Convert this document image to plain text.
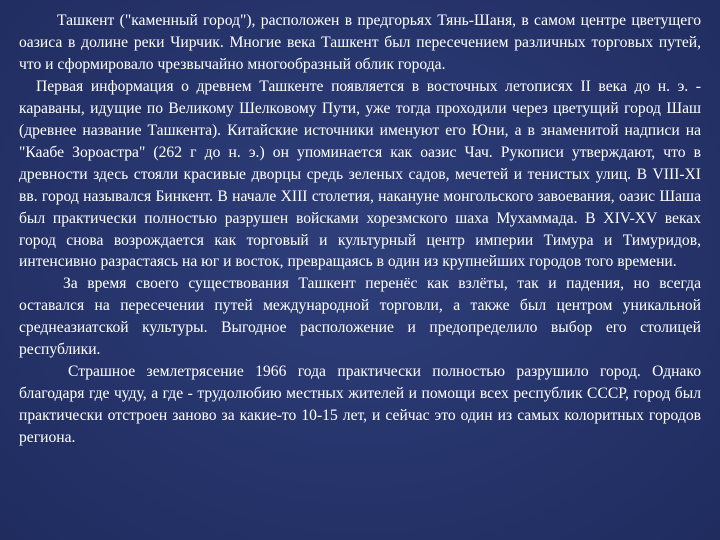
Ташкент ("каменный город"), расположен в предгорьях Тянь-Шаня, в самом центре цветущего оазиса в долине реки Чирчик. Многие века Ташкент был пересечением различных торговых путей, что и сформировало чрезвычайно многообразный облик города.

Первая информация о древнем Ташкенте появляется в восточных летописях II века до н. э. - караваны, идущие по Великому Шелковому Пути, уже тогда проходили через цветущий город Шаш (древнее название Ташкента). Китайские источники именуют его Юни, а в знаменитой надписи на "Каабе Зороастра" (262 г до н. э.) он упоминается как оазис Чач. Рукописи утверждают, что в древности здесь стояли красивые дворцы средь зеленых садов, мечетей и тенистых улиц. В VIII-XI вв. город назывался Бинкент. В начале XIII столетия, накануне монгольского завоевания, оазис Шаша был практически полностью разрушен войсками хорезмского шаха Мухаммада. В XIV-XV веках город снова возрождается как торговый и культурный центр империи Тимура и Тимуридов, интенсивно разрастаясь на юг и восток, превращаясь в один из крупнейших городов того времени.

За время своего существования Ташкент перенёс как взлёты, так и падения, но всегда оставался на пересечении путей международной торговли, а также был центром уникальной среднеазиатской культуры. Выгодное расположение и предопределило выбор его столицей республики.

Страшное землетрясение 1966 года практически полностью разрушило город. Однако благодаря где чуду, а где - трудолюбию местных жителей и помощи всех республик СССР, город был практически отстроен заново за какие-то 10-15 лет, и сейчас это один из самых колоритных городов региона.
